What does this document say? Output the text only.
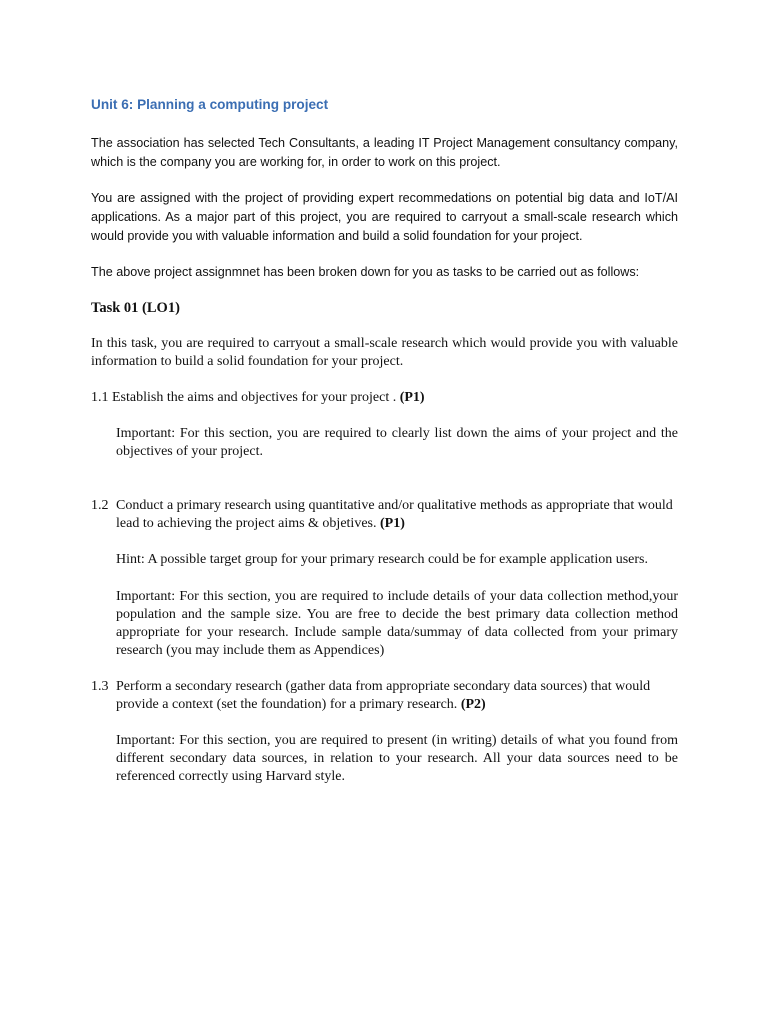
Unit 6: Planning a computing project

The association has selected Tech Consultants, a leading IT Project Management consultancy company, which is the company you are working for, in order to work on this project.

You are assigned with the project of providing expert recommedations on potential big data and IoT/AI applications. As a major part of this project, you are required to carryout a small-scale research which would provide you with valuable information and build a solid foundation for your project.

The above project assignmnet has been broken down for you as tasks to be carried out as follows:

Task 01 (LO1)

In this task, you are required to carryout a small-scale research which would provide you with valuable information to build a solid foundation for your project.

1.1 Establish the aims and objectives for your project . (P1)

Important: For this section, you are required to clearly list down the aims of your project and the objectives of your project.

1.2 Conduct a primary research using quantitative and/or qualitative methods as appropriate that would lead to achieving the project aims & objetives. (P1)

Hint: A possible target group for your primary research could be for example application users.

Important: For this section, you are required to include details of your data collection method,your population and the sample size. You are free to decide the best primary data collection method appropriate for your research. Include sample data/summay of data collected from your primary research (you may include them as Appendices)

1.3 Perform a secondary research (gather data from appropriate secondary data sources) that would provide a context (set the foundation) for a primary research. (P2)

Important: For this section, you are required to present (in writing) details of what you found from different secondary data sources, in relation to your research. All your data sources need to be referenced correctly using Harvard style.
